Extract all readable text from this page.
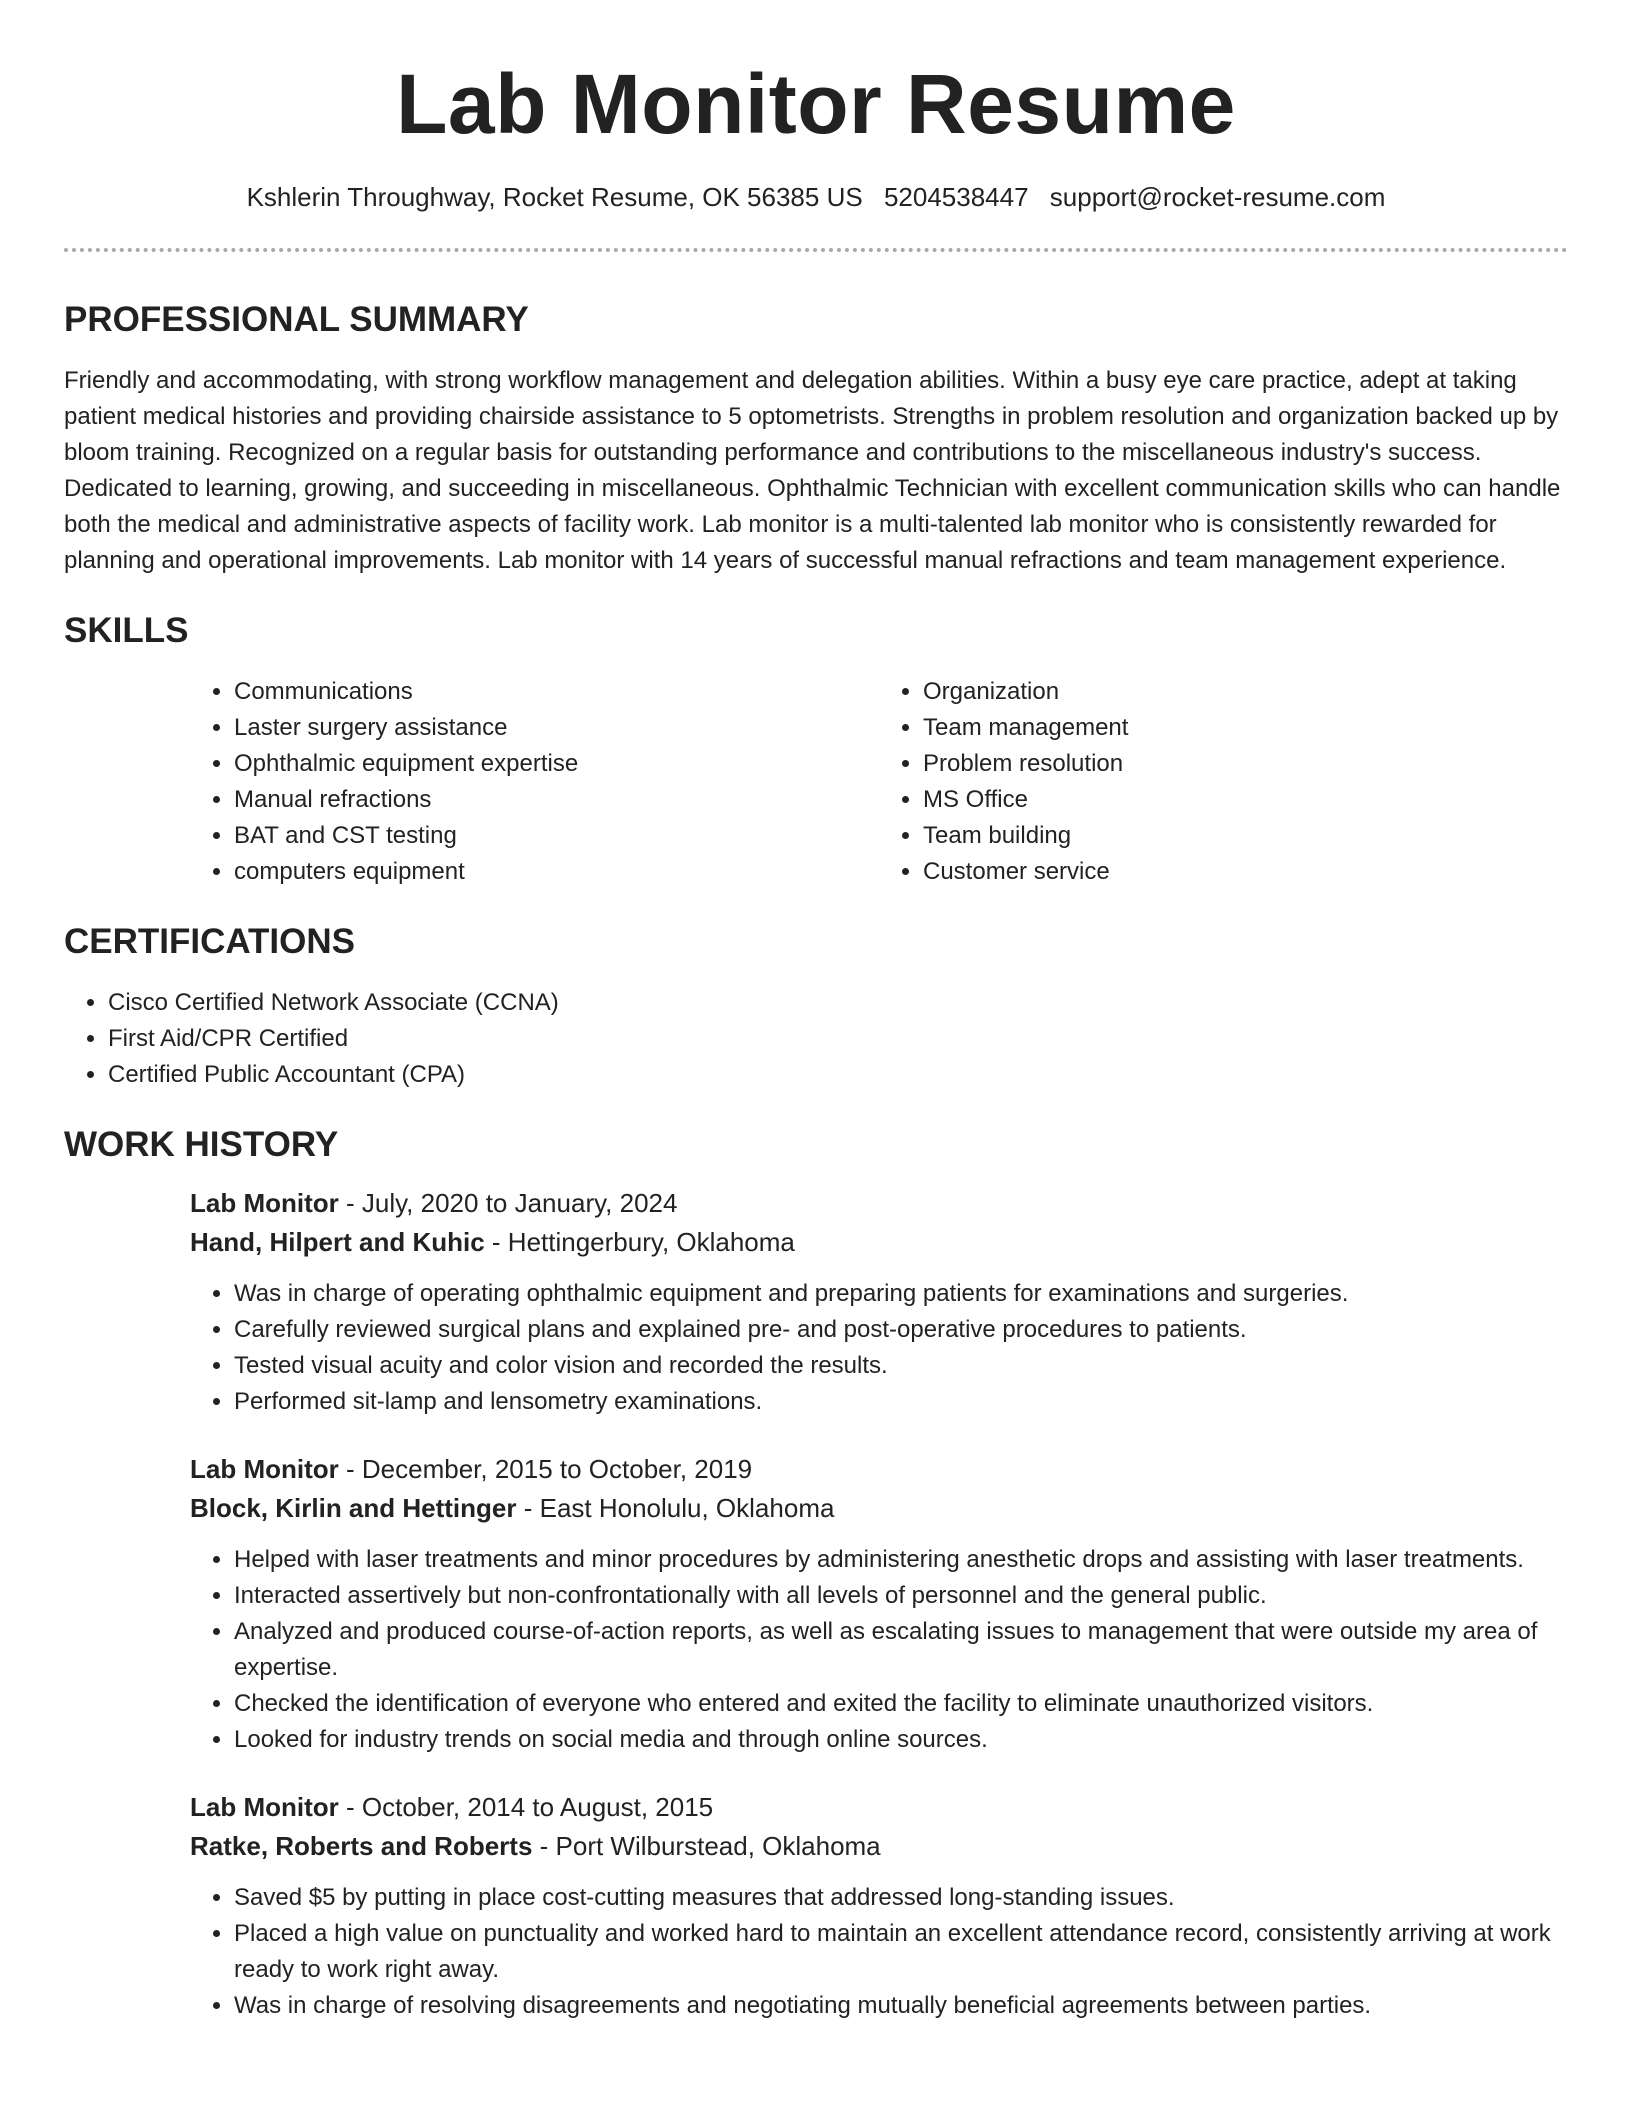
Lab Monitor Resume
Kshlerin Throughway, Rocket Resume, OK 56385 US 5204538447 support@rocket-resume.com
PROFESSIONAL SUMMARY

Friendly and accommodating, with strong workflow management and delegation abilities. Within a busy eye care practice, adept at taking patient medical histories and providing chairside assistance to 5 optometrists. Strengths in problem resolution and organization backed up by bloom training. Recognized on a regular basis for outstanding performance and contributions to the miscellaneous industry's success. Dedicated to learning, growing, and succeeding in miscellaneous. Ophthalmic Technician with excellent communication skills who can handle both the medical and administrative aspects of facility work. Lab monitor is a multi-talented lab monitor who is consistently rewarded for planning and operational improvements. Lab monitor with 14 years of successful manual refractions and team management experience.

SKILLS
• Communications
• Laster surgery assistance
• Ophthalmic equipment expertise
• Manual refractions
• BAT and CST testing
• computers equipment
• Organization
• Team management
• Problem resolution
• MS Office
• Team building
• Customer service
CERTIFICATIONS
• Cisco Certified Network Associate (CCNA)
• First Aid/CPR Certified
• Certified Public Accountant (CPA)
WORK HISTORY
Lab Monitor - July, 2020 to January, 2024
Hand, Hilpert and Kuhic - Hettingerbury, Oklahoma
• Was in charge of operating ophthalmic equipment and preparing patients for examinations and surgeries.
• Carefully reviewed surgical plans and explained pre- and post-operative procedures to patients.
• Tested visual acuity and color vision and recorded the results.
• Performed sit-lamp and lensometry examinations.
Lab Monitor - December, 2015 to October, 2019
Block, Kirlin and Hettinger - East Honolulu, Oklahoma
• Helped with laser treatments and minor procedures by administering anesthetic drops and assisting with laser treatments.
• Interacted assertively but non-confrontationally with all levels of personnel and the general public.
• Analyzed and produced course-of-action reports, as well as escalating issues to management that were outside my area of expertise.
• Checked the identification of everyone who entered and exited the facility to eliminate unauthorized visitors.
• Looked for industry trends on social media and through online sources.
Lab Monitor - October, 2014 to August, 2015
Ratke, Roberts and Roberts - Port Wilburstead, Oklahoma
• Saved $5 by putting in place cost-cutting measures that addressed long-standing issues.
• Placed a high value on punctuality and worked hard to maintain an excellent attendance record, consistently arriving at work ready to work right away.
• Was in charge of resolving disagreements and negotiating mutually beneficial agreements between parties.
